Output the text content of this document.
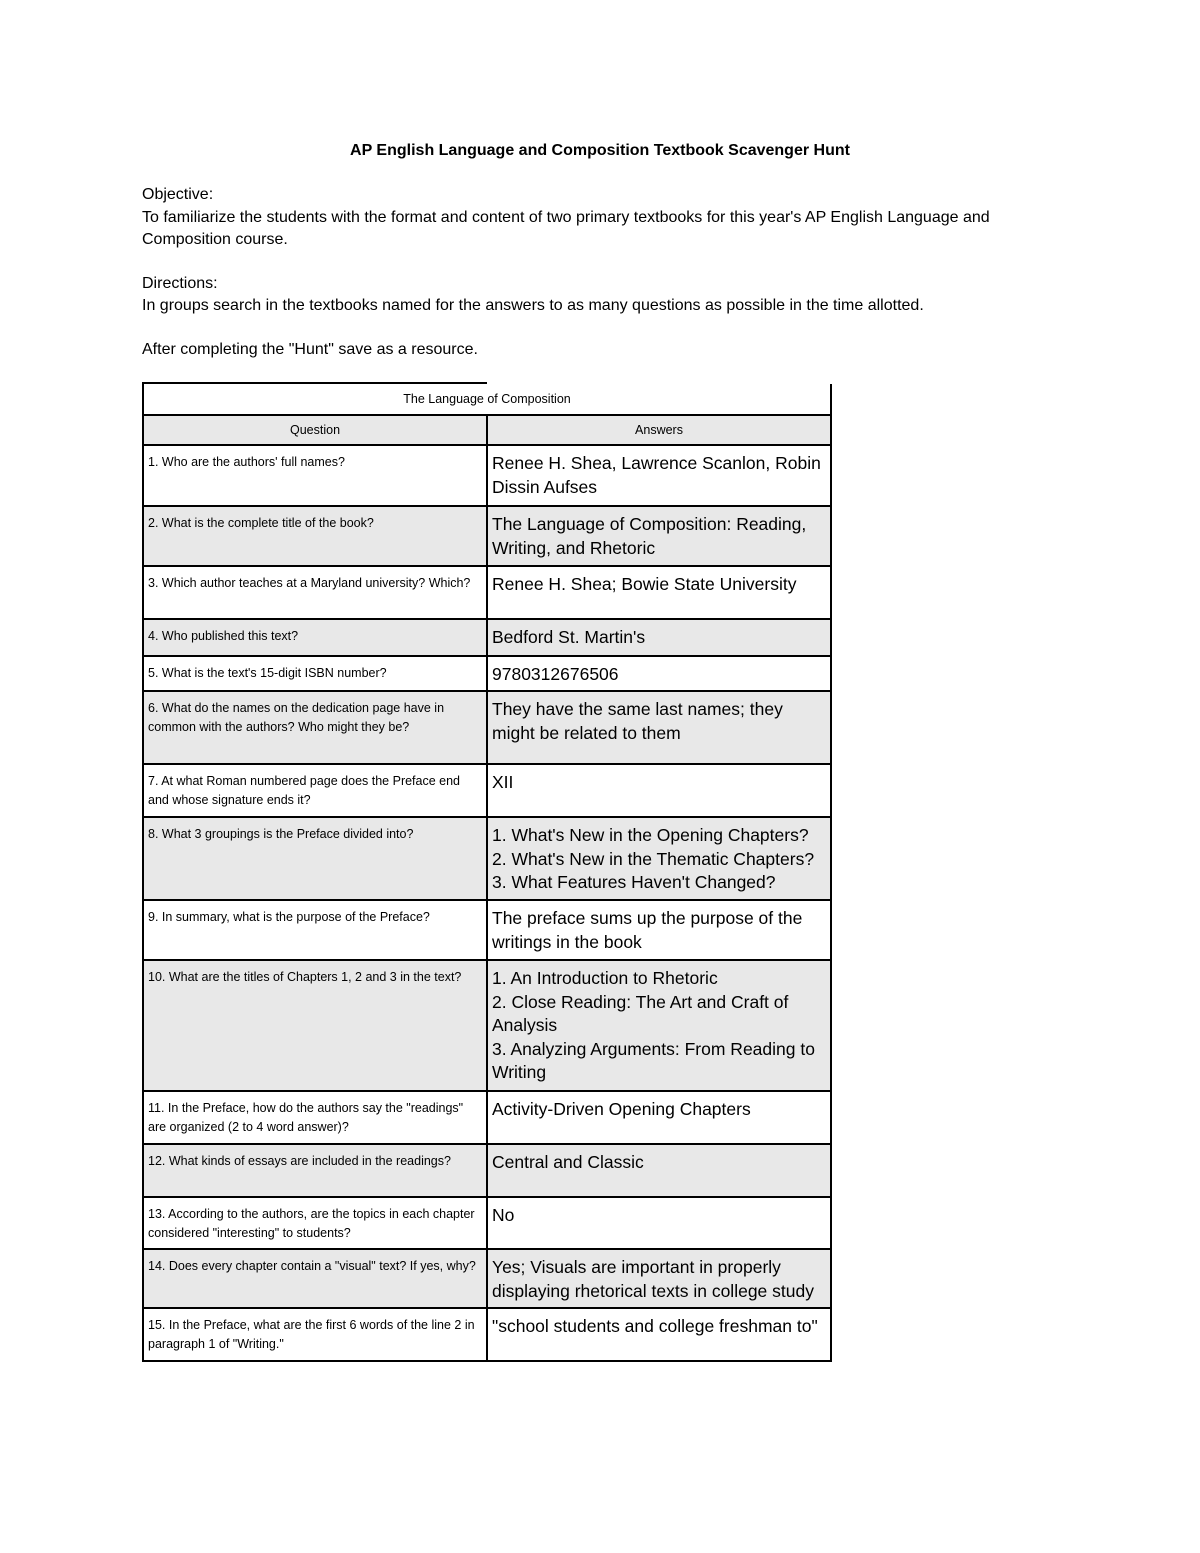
AP English Language and Composition Textbook Scavenger Hunt

Objective:

To familiarize the students with the format and content of two primary textbooks for this year's AP English Language and Composition course.

Directions:

In groups search in the textbooks named for the answers to as many questions as possible in the time allotted.

After completing the "Hunt" save as a resource.

The Language of Composition	
Question	Answers
1. Who are the authors' full names?	Renee H. Shea, Lawrence Scanlon, Robin Dissin Aufses
2. What is the complete title of the book?	The Language of Composition: Reading, Writing, and Rhetoric
3. Which author teaches at a Maryland university? Which?	Renee H. Shea; Bowie State University
4. Who published this text?	Bedford St. Martin's
5. What is the text's 15-digit ISBN number?	9780312676506
6. What do the names on the dedication page have in common with the authors? Who might they be?	They have the same last names; they might be related to them
7. At what Roman numbered page does the Preface end and whose signature ends it?	XII
8. What 3 groupings is the Preface divided into?	1. What's New in the Opening Chapters?
2. What's New in the Thematic Chapters?
3. What Features Haven't Changed?
9. In summary, what is the purpose of the Preface?	The preface sums up the purpose of the writings in the book
10. What are the titles of Chapters 1, 2 and 3 in the text?	1. An Introduction to Rhetoric
2. Close Reading: The Art and Craft of Analysis
3. Analyzing Arguments: From Reading to Writing
11. In the Preface, how do the authors say the "readings" are organized (2 to 4 word answer)?	Activity-Driven Opening Chapters
12. What kinds of essays are included in the readings?	Central and Classic
13. According to the authors, are the topics in each chapter considered "interesting" to students?	No
14. Does every chapter contain a "visual" text? If yes, why?	Yes; Visuals are important in properly displaying rhetorical texts in college study
15. In the Preface, what are the first 6 words of the line 2 in paragraph 1 of "Writing."	"school students and college freshman to"
